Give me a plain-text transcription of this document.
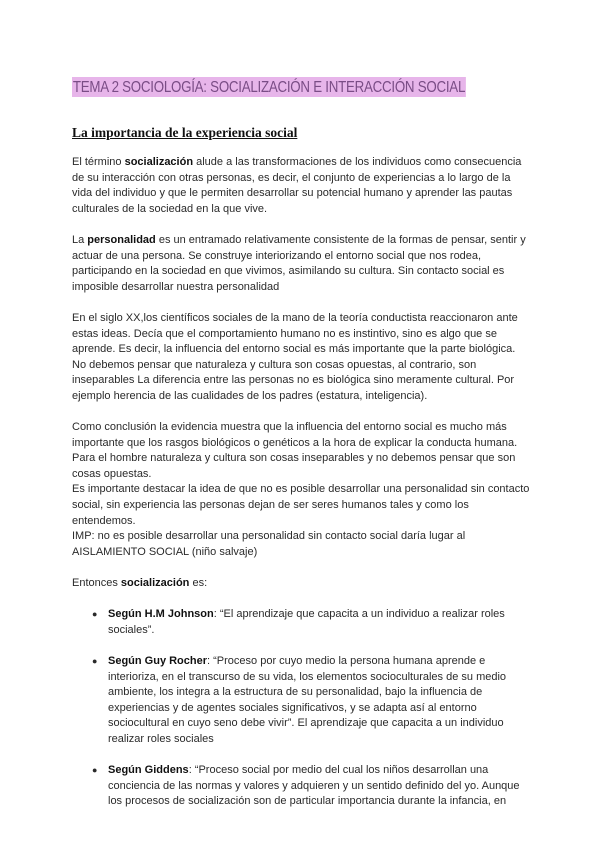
TEMA 2 SOCIOLOGÍA: SOCIALIZACIÓN E INTERACCIÓN SOCIAL
La importancia de la experiencia social

El término socialización alude a las transformaciones de los individuos como consecuencia de su interacción con otras personas, es decir, el conjunto de experiencias a lo largo de la vida del individuo y que le permiten desarrollar su potencial humano y aprender las pautas culturales de la sociedad en la que vive.

La personalidad es un entramado relativamente consistente de la formas de pensar, sentir y actuar de una persona. Se construye interiorizando el entorno social que nos rodea, participando en la sociedad en que vivimos, asimilando su cultura. Sin contacto social es imposible desarrollar nuestra personalidad

En el siglo XX,los científicos sociales de la mano de la teoría conductista reaccionaron ante estas ideas. Decía que el comportamiento humano no es instintivo, sino es algo que se aprende. Es decir, la influencia del entorno social es más importante que la parte biológica. No debemos pensar que naturaleza y cultura son cosas opuestas, al contrario, son inseparables La diferencia entre las personas no es biológica sino meramente cultural. Por ejemplo herencia de las cualidades de los padres (estatura, inteligencia).

Como conclusión la evidencia muestra que la influencia del entorno social es mucho más importante que los rasgos biológicos o genéticos a la hora de explicar la conducta humana. Para el hombre naturaleza y cultura son cosas inseparables y no debemos pensar que son cosas opuestas.

Es importante destacar la idea de que no es posible desarrollar una personalidad sin contacto social, sin experiencia las personas dejan de ser seres humanos tales y como los entendemos.

IMP: no es posible desarrollar una personalidad sin contacto social daría lugar al AISLAMIENTO SOCIAL (niño salvaje)

Entonces socialización es:

● Según H.M Johnson: “El aprendizaje que capacita a un individuo a realizar roles sociales”.
● Según Guy Rocher: “Proceso por cuyo medio la persona humana aprende e interioriza, en el transcurso de su vida, los elementos socioculturales de su medio ambiente, los integra a la estructura de su personalidad, bajo la influencia de experiencias y de agentes sociales significativos, y se adapta así al entorno sociocultural en cuyo seno debe vivir”. El aprendizaje que capacita a un individuo realizar roles sociales
● Según Giddens: “Proceso social por medio del cual los niños desarrollan una conciencia de las normas y valores y adquieren y un sentido definido del yo. Aunque los procesos de socialización son de particular importancia durante la infancia, en
